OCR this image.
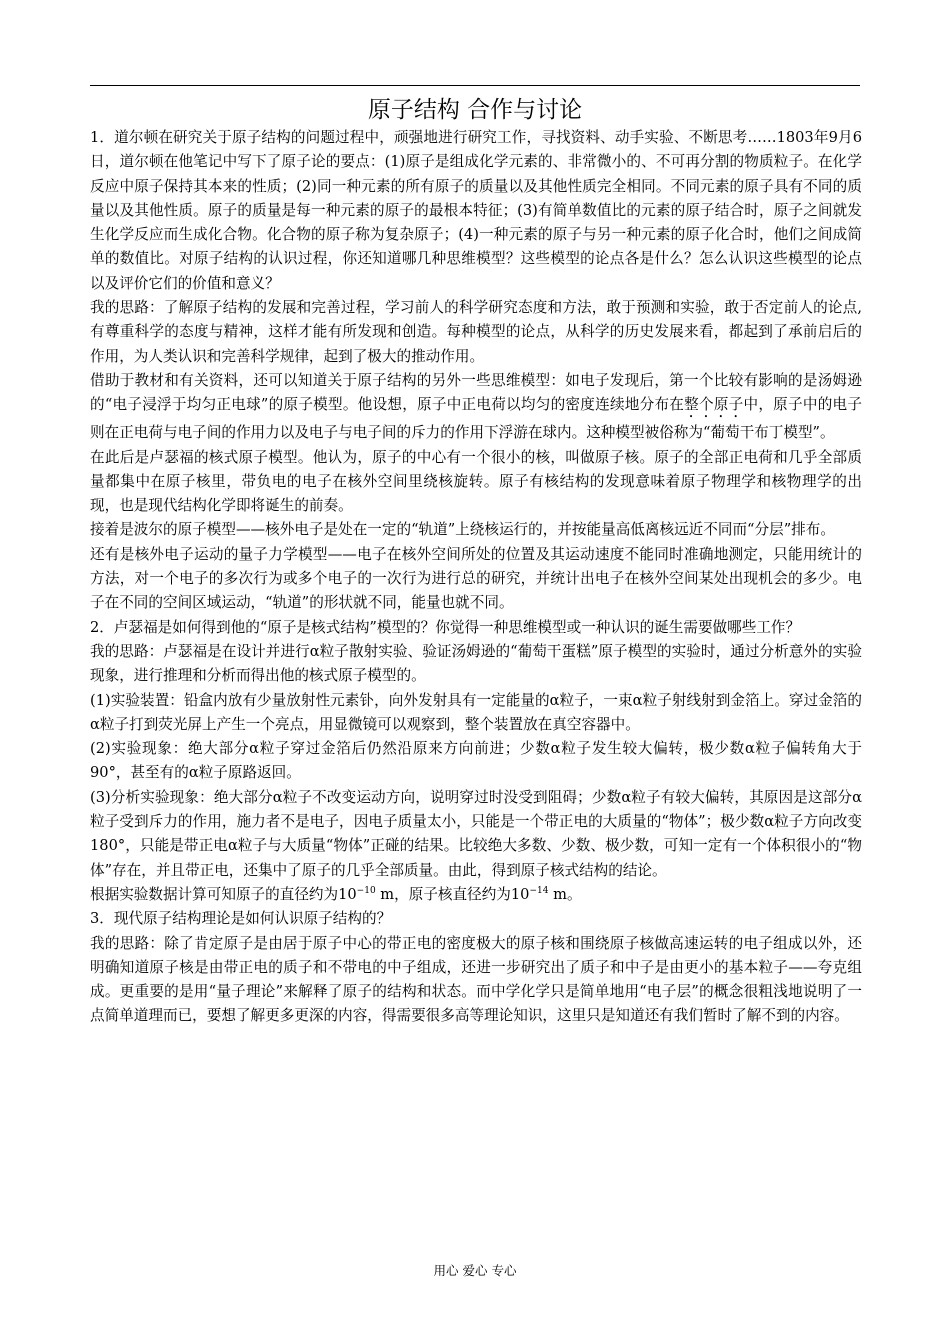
原子结构 合作与讨论

1．道尔顿在研究关于原子结构的问题过程中，顽强地进行研究工作，寻找资料、动手实验、不断思考……1803年9月6日，道尔顿在他笔记中写下了原子论的要点：(1)原子是组成化学元素的、非常微小的、不可再分割的物质粒子。在化学反应中原子保持其本来的性质；(2)同一种元素的所有原子的质量以及其他性质完全相同。不同元素的原子具有不同的质量以及其他性质。原子的质量是每一种元素的原子的最根本特征；(3)有简单数值比的元素的原子结合时，原子之间就发生化学反应而生成化合物。化合物的原子称为复杂原子；(4)一种元素的原子与另一种元素的原子化合时，他们之间成简单的数值比。对原子结构的认识过程，你还知道哪几种思维模型？这些模型的论点各是什么？怎么认识这些模型的论点以及评价它们的价值和意义？

我的思路：了解原子结构的发展和完善过程，学习前人的科学研究态度和方法，敢于预测和实验，敢于否定前人的论点,有尊重科学的态度与精神，这样才能有所发现和创造。每种模型的论点，从科学的历史发展来看，都起到了承前启后的作用，为人类认识和完善科学规律，起到了极大的推动作用。

借助于教材和有关资料，还可以知道关于原子结构的另外一些思维模型：如电子发现后，第一个比较有影响的是汤姆逊的“电子浸浮于均匀正电球”的原子模型。他设想，原子中正电荷以均匀的密度连续地分布在整个原子中，原子中的电子则在正电荷与电子间的作用力以及电子与电子间的斥力的作用下浮游在球内。这种模型被俗称为“葡萄干布丁模型”。

在此后是卢瑟福的核式原子模型。他认为，原子的中心有一个很小的核，叫做原子核。原子的全部正电荷和几乎全部质量都集中在原子核里，带负电的电子在核外空间里绕核旋转。原子有核结构的发现意味着原子物理学和核物理学的出现，也是现代结构化学即将诞生的前奏。

接着是波尔的原子模型——核外电子是处在一定的“轨道”上绕核运行的，并按能量高低离核远近不同而“分层”排布。

还有是核外电子运动的量子力学模型——电子在核外空间所处的位置及其运动速度不能同时准确地测定，只能用统计的方法，对一个电子的多次行为或多个电子的一次行为进行总的研究，并统计出电子在核外空间某处出现机会的多少。电子在不同的空间区域运动，“轨道”的形状就不同，能量也就不同。

2．卢瑟福是如何得到他的“原子是核式结构”模型的？你觉得一种思维模型或一种认识的诞生需要做哪些工作？

我的思路：卢瑟福是在设计并进行α粒子散射实验、验证汤姆逊的“葡萄干蛋糕”原子模型的实验时，通过分析意外的实验现象，进行推理和分析而得出他的核式原子模型的。

(1)实验装置：铅盒内放有少量放射性元素钋，向外发射具有一定能量的α粒子，一束α粒子射线射到金箔上。穿过金箔的α粒子打到荧光屏上产生一个亮点，用显微镜可以观察到，整个装置放在真空容器中。

(2)实验现象：绝大部分α粒子穿过金箔后仍然沿原来方向前进；少数α粒子发生较大偏转，极少数α粒子偏转角大于90°，甚至有的α粒子原路返回。

(3)分析实验现象：绝大部分α粒子不改变运动方向，说明穿过时没受到阻碍；少数α粒子有较大偏转，其原因是这部分α粒子受到斥力的作用，施力者不是电子，因电子质量太小，只能是一个带正电的大质量的“物体”；极少数α粒子方向改变180°，只能是带正电α粒子与大质量“物体”正碰的结果。比较绝大多数、少数、极少数，可知一定有一个体积很小的“物体”存在，并且带正电，还集中了原子的几乎全部质量。由此，得到原子核式结构的结论。

根据实验数据计算可知原子的直径约为$10^{-10}$ m，原子核直径约为$10^{-14}$ m。

3．现代原子结构理论是如何认识原子结构的？

我的思路：除了肯定原子是由居于原子中心的带正电的密度极大的原子核和围绕原子核做高速运转的电子组成以外，还明确知道原子核是由带正电的质子和不带电的中子组成，还进一步研究出了质子和中子是由更小的基本粒子——夸克组成。更重要的是用“量子理论”来解释了原子的结构和状态。而中学化学只是简单地用“电子层”的概念很粗浅地说明了一点简单道理而已，要想了解更多更深的内容，得需要很多高等理论知识，这里只是知道还有我们暂时了解不到的内容。

用心 爱心 专心
